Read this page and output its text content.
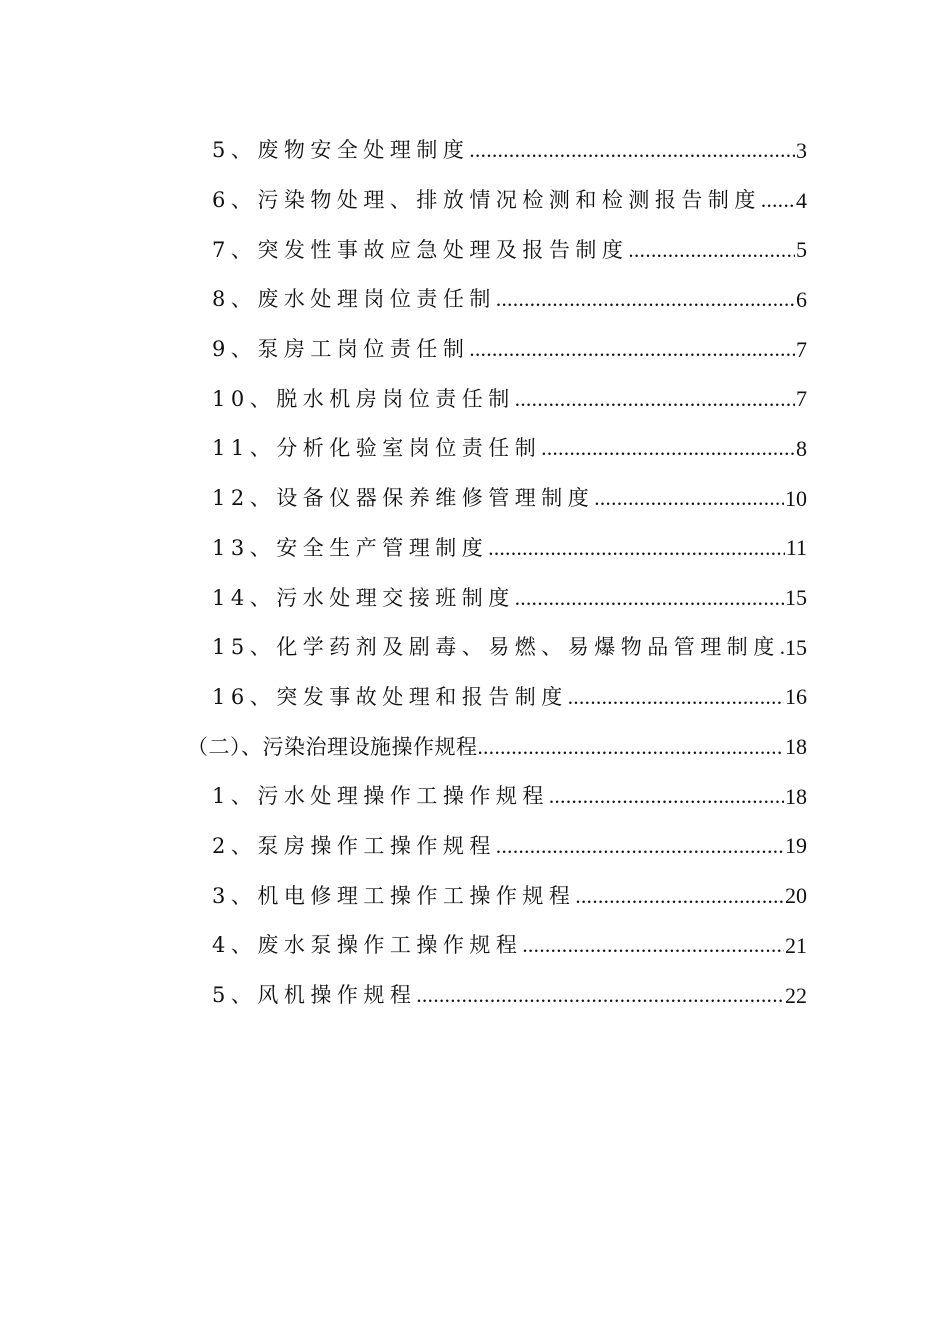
5、废物安全处理制度 .....	3
6、污染物处理、排放情况检测和检测报告制度 ..... 4
7、突发性事故应急处理及报告制度 .....	5
8、废水处理岗位责任制 .....	6
9、泵房工岗位责任制 .....	7
10、脱水机房岗位责任制 .....	7
11、分析化验室岗位责任制 .....	8
12、设备仪器保养维修管理制度 .....	10
13、安全生产管理制度 .....	11
14、污水处理交接班制度 .....	15
15、化学药剂及剧毒、易燃、易爆物品管理制度 ..... 15
16、突发事故处理和报告制度 .....	16
（二）、污染治理设施操作规程 .....	18
1、污水处理操作工操作规程 .....	18
2、泵房操作工操作规程 .....	19
3、机电修理工操作工操作规程 .....	20
4、废水泵操作工操作规程 .....	21
5、风机操作规程 .....	22
